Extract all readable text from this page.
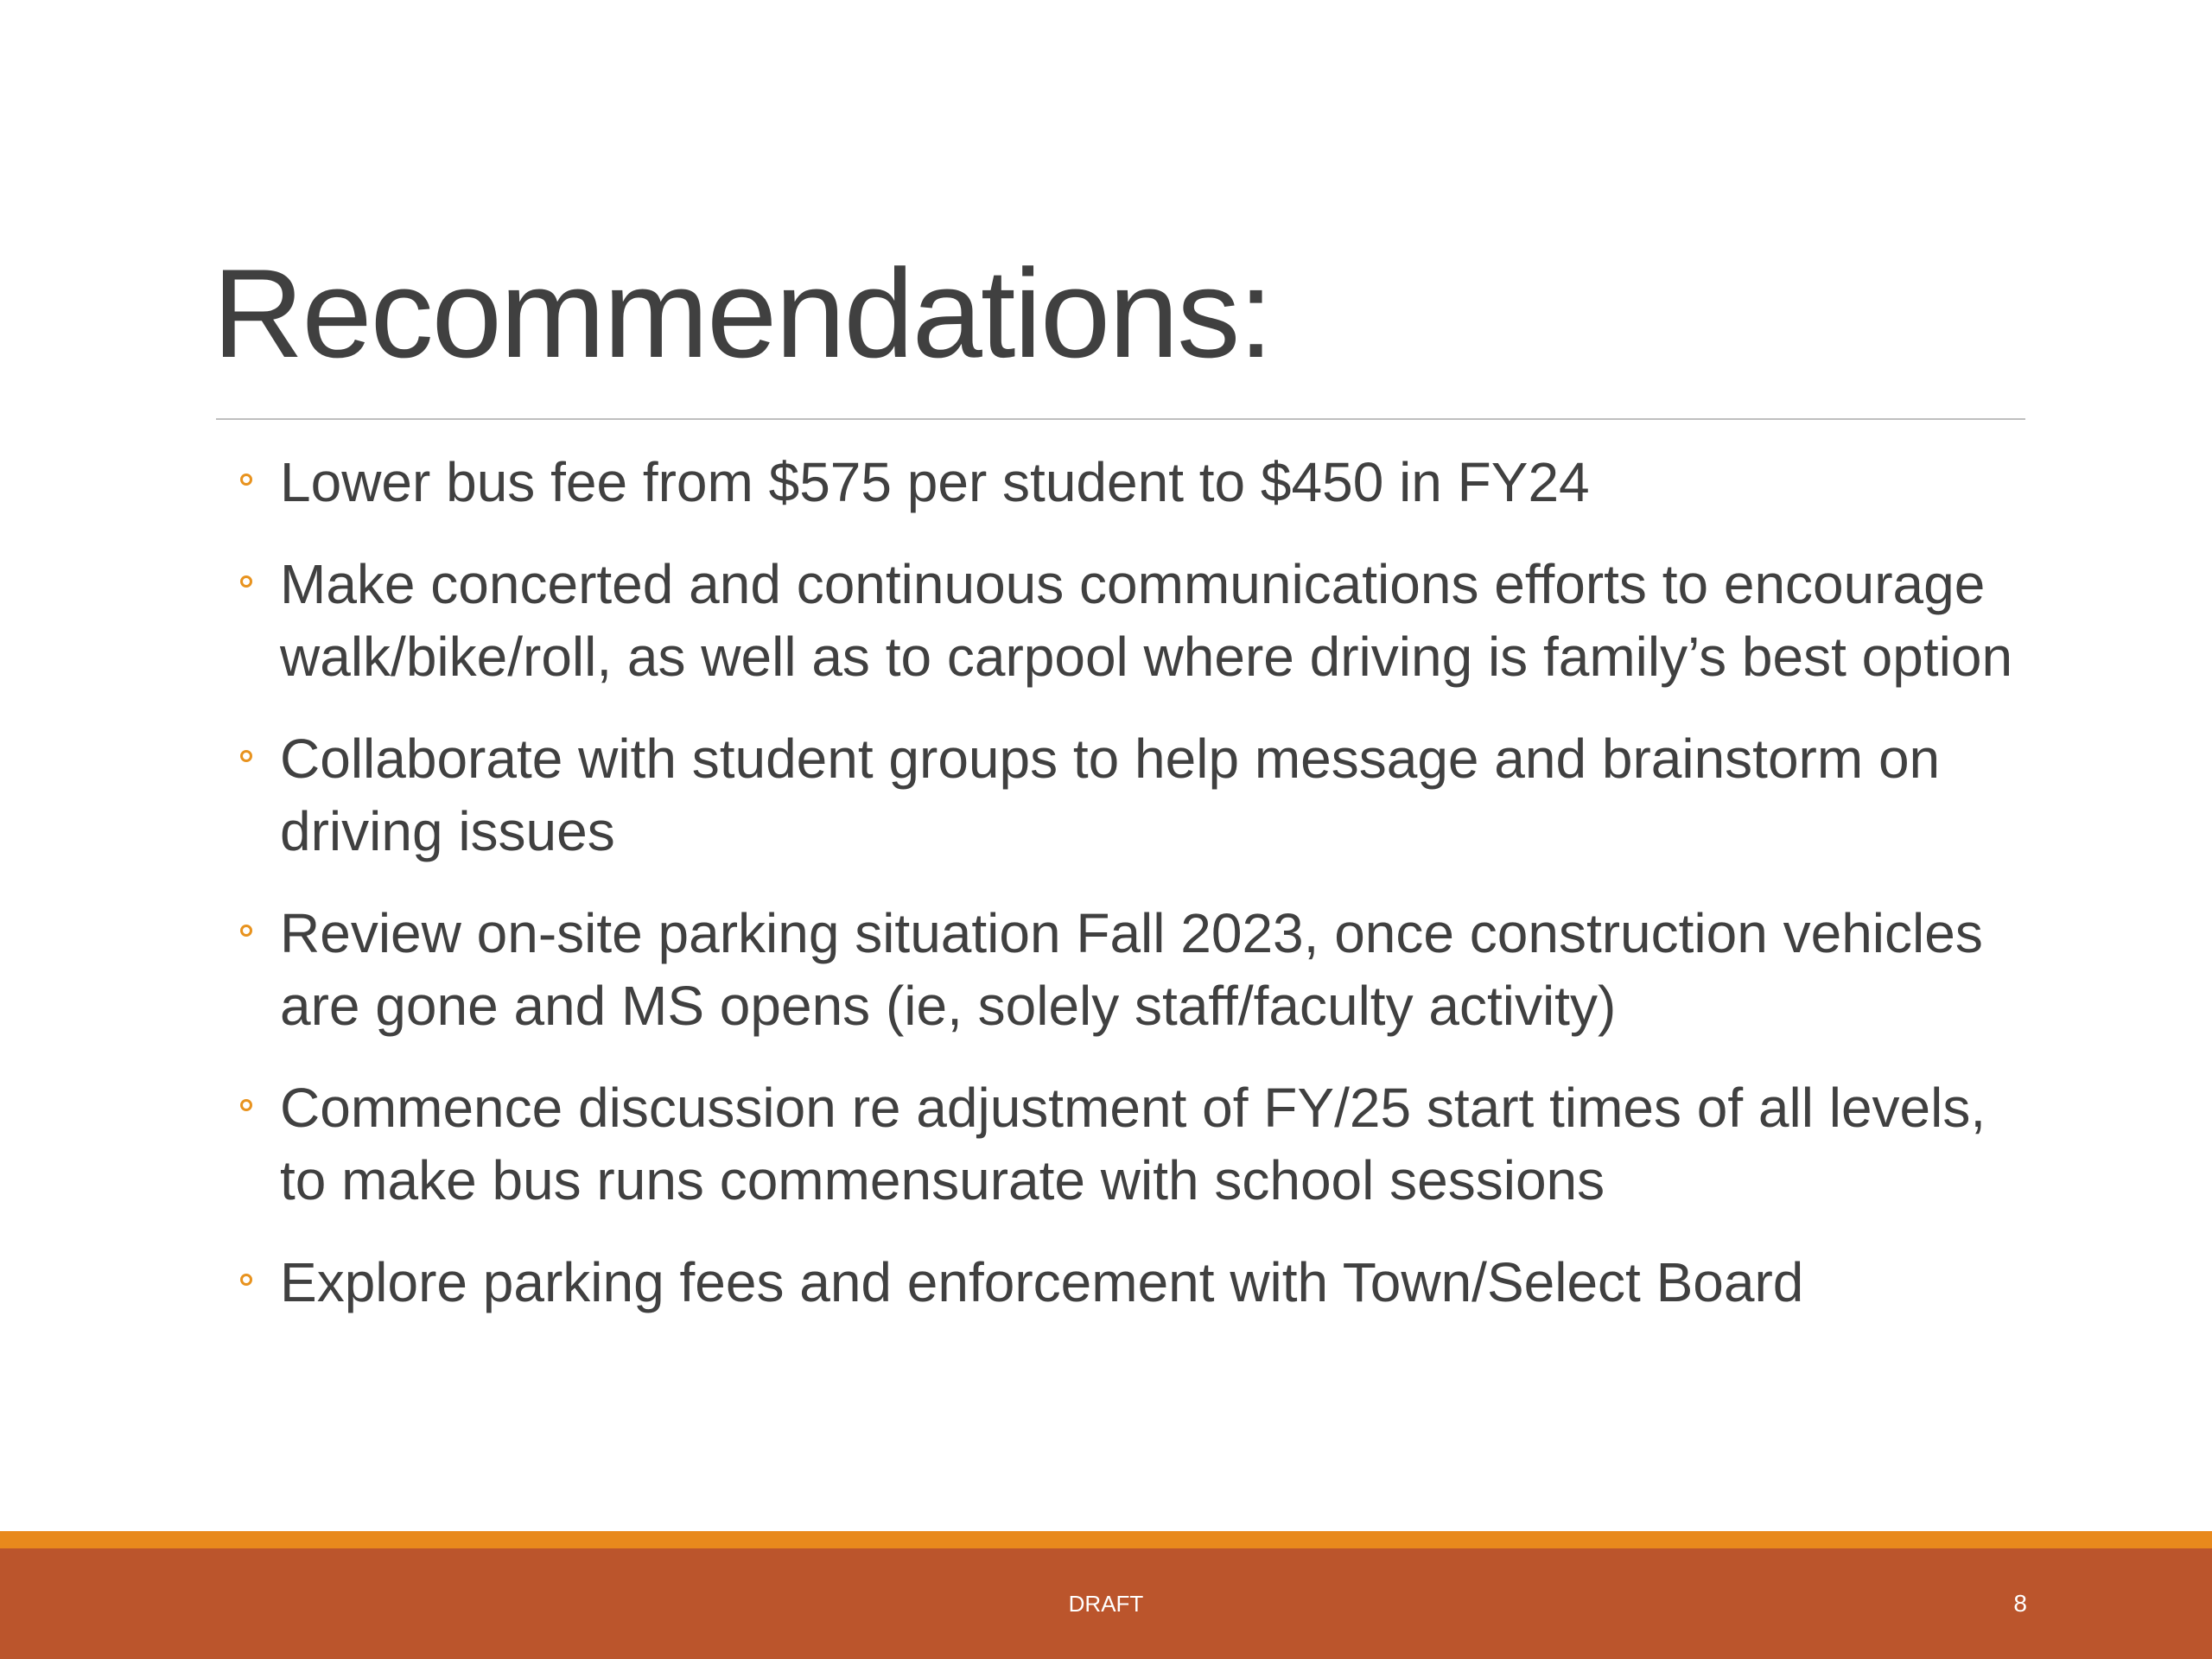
Recommendations:
Lower bus fee from $575 per student to $450 in FY24
Make concerted and continuous communications efforts to encourage walk/bike/roll, as well as to carpool where driving is family’s best option
Collaborate with student groups to help message and brainstorm on driving issues
Review on-site parking situation Fall 2023, once construction vehicles are gone and MS opens (ie, solely staff/faculty activity)
Commence discussion re adjustment of FY/25 start times of all levels, to make bus runs commensurate with school sessions
Explore parking fees and enforcement with Town/Select Board
DRAFT	8
